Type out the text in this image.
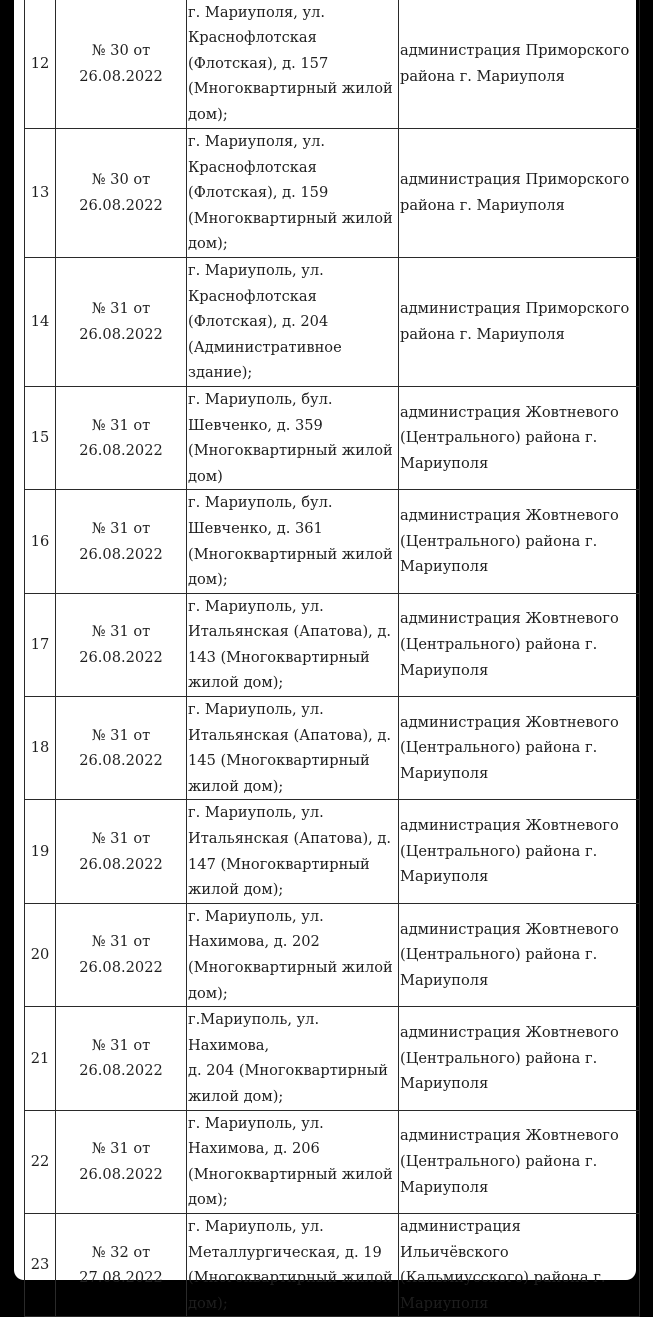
12	№ 30 от
26.08.2022	г. Мариуполя, ул.
Краснофлотская
(Флотская), д. 157
(Многоквартирный жилой
дом);	администрация Приморского
района г. Мариуполя

13	№ 30 от
26.08.2022	г. Мариуполя, ул.
Краснофлотская
(Флотская), д. 159
(Многоквартирный жилой
дом);	администрация Приморского
района г. Мариуполя

14	№ 31 от
26.08.2022	г. Мариуполь, ул.
Краснофлотская
(Флотская), д. 204
(Административное
здание);	администрация Приморского
района г. Мариуполя

15	№ 31 от
26.08.2022	г. Мариуполь, бул.
Шевченко, д. 359
(Многоквартирный жилой
дом)	администрация Жовтневого
(Центрального) района г.
Мариуполя

16	№ 31 от
26.08.2022	г. Мариуполь, бул.
Шевченко, д. 361
(Многоквартирный жилой
дом);	администрация Жовтневого
(Центрального) района г.
Мариуполя

17	№ 31 от
26.08.2022	г. Мариуполь, ул.
Итальянская (Апатова), д.
143 (Многоквартирный
жилой дом);	администрация Жовтневого
(Центрального) района г.
Мариуполя

18	№ 31 от
26.08.2022	г. Мариуполь, ул.
Итальянская (Апатова), д.
145 (Многоквартирный
жилой дом);	администрация Жовтневого
(Центрального) района г.
Мариуполя

19	№ 31 от
26.08.2022	г. Мариуполь, ул.
Итальянская (Апатова), д.
147 (Многоквартирный
жилой дом);	администрация Жовтневого
(Центрального) района г.
Мариуполя

20	№ 31 от
26.08.2022	г. Мариуполь, ул.
Нахимова, д. 202
(Многоквартирный жилой
дом);	администрация Жовтневого
(Центрального) района г.
Мариуполя

21	№ 31 от
26.08.2022	г.Мариуполь, ул. Нахимова,
д. 204 (Многоквартирный
жилой дом);	администрация Жовтневого
(Центрального) района г.
Мариуполя

22	№ 31 от
26.08.2022	г. Мариуполь, ул.
Нахимова, д. 206
(Многоквартирный жилой
дом);	администрация Жовтневого
(Центрального) района г.
Мариуполя

23	№ 32 от
27.08.2022	г. Мариуполь, ул.
Металлургическая, д. 19
(Многоквартирный жилой
дом);	администрация
Ильичёвского
(Кальмиусского) района г.
Мариуполя
